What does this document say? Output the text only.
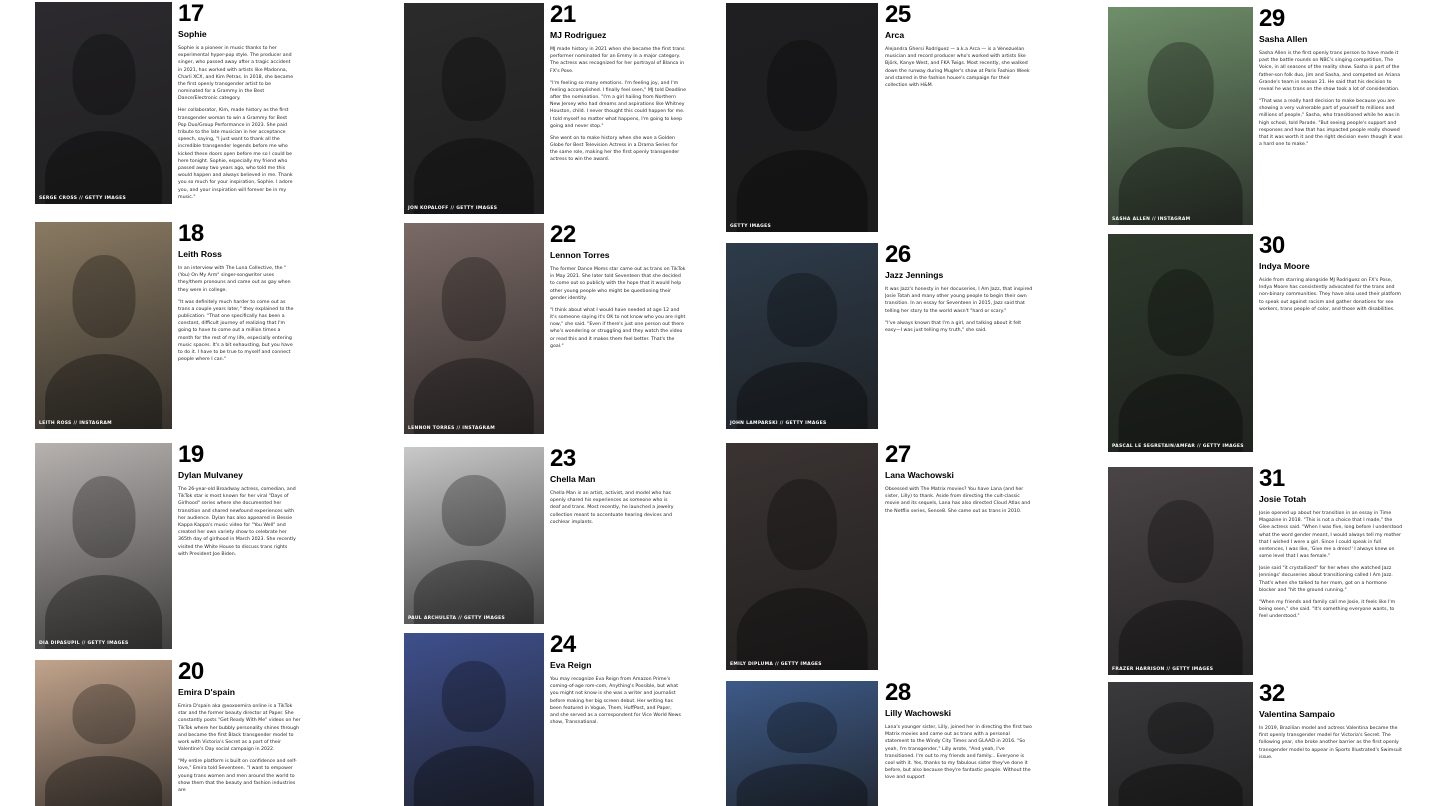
SERGE CROSS // GETTY IMAGES
17
Sophie

Sophie is a pioneer in music thanks to her experimental hyper-pop style. The producer and singer, who passed away after a tragic accident in 2021, has worked with artists like Madonna, Charli XCX, and Kim Petras. In 2018, she became the first openly transgender artist to be nominated for a Grammy in the Best Dance/Electronic category.

Her collaborator, Kim, made history as the first transgender woman to win a Grammy for Best Pop Duo/Group Performance in 2023. She paid tribute to the late musician in her acceptance speech, saying, "I just want to thank all the incredible transgender legends before me who kicked these doors open before me so I could be here tonight. Sophie, especially my friend who passed away two years ago, who told me this would happen and always believed in me. Thank you so much for your inspiration, Sophie. I adore you, and your inspiration will forever be in my music."

LEITH ROSS // INSTAGRAM
18
Leith Ross

In an interview with The Luna Collective, the "(You) On My Arm" singer-songwriter uses they/them pronouns and came out as gay when they were in college.

"It was definitely much harder to come out as trans a couple years later," they explained to the publication. "That one specifically has been a constant, difficult journey of realizing that I'm going to have to come out a million times a month for the rest of my life, especially entering music spaces. It's a bit exhausting, but you have to do it. I have to be true to myself and connect people where I can."

DIA DIPASUPIL // GETTY IMAGES
19
Dylan Mulvaney

The 26-year-old Broadway actress, comedian, and TikTok star is most known for her viral "Days of Girlhood" series where she documented her transition and shared newfound experiences with her audience. Dylan has also appeared in Bessie Kappa Kappa's music video for "You Well" and created her own variety show to celebrate her 365th day of girlhood in March 2023. She recently visited the White House to discuss trans rights with President Joe Biden.

20
Emira D'spain

Emira D'spain aka @xoxoemira online is a TikTok star and the former beauty director at Paper. She constantly posts "Get Ready With Me" videos on her TikTok where her bubbly personality shines through and became the first Black transgender model to work with Victoria's Secret as a part of their Valentine's Day social campaign in 2022.

"My entire platform is built on confidence and self-love," Emira told Seventeen. "I want to empower young trans women and men around the world to show them that the beauty and fashion industries are

JON KOPALOFF // GETTY IMAGES
21
MJ Rodriguez

MJ made history in 2021 when she became the first trans performer nominated for an Emmy in a major category. The actress was recognized for her portrayal of Blanca in FX's Pose.

"I'm feeling so many emotions. I'm feeling joy, and I'm feeling accomplished. I finally feel seen," MJ told Deadline after the nomination. "I'm a girl hailing from Northern New Jersey who had dreams and aspirations like Whitney Houston, child. I never thought this could happen for me. I told myself no matter what happens, I'm going to keep going and never stop."

She went on to make history when she won a Golden Globe for Best Television Actress in a Drama Series for the same role, making her the first openly transgender actress to win the award.

LENNON TORRES // INSTAGRAM
22
Lennon Torres

The former Dance Moms star came out as trans on TikTok in May 2021. She later told Seventeen that she decided to come out so publicly with the hope that it would help other young people who might be questioning their gender identity.

"I think about what I would have needed at age 12 and it's someone saying it's OK to not know who you are right now," she said. "Even if there's just one person out there who's wondering or struggling and they watch the video or read this and it makes them feel better. That's the goal."

PAUL ARCHULETA // GETTY IMAGES
23
Chella Man

Chella Man is an artist, activist, and model who has openly shared his experiences as someone who is deaf and trans. Most recently, he launched a jewelry collection meant to accentuate hearing devices and cochlear implants.

24
Eva Reign

You may recognize Eva Reign from Amazon Prime's coming-of-age rom-com, Anything's Possible, but what you might not know is she was a writer and journalist before making her big screen debut. Her writing has been featured in Vogue, Them, HuffPost, and Paper, and she served as a correspondent for Vice World News show, Transnational.

GETTY IMAGES
25
Arca

Alejandra Ghersi Rodríguez — a.k.a Arca — is a Venezuelan musician and record producer who's worked with artists like Björk, Kanye West, and FKA Twigs. Most recently, she walked down the runway during Mugler's show at Paris Fashion Week and starred in the fashion house's campaign for their collection with H&M.

JOHN LAMPARSKI // GETTY IMAGES
26
Jazz Jennings

It was Jazz's honesty in her docuseries, I Am Jazz, that inspired Josie Totah and many other young people to begin their own transition. In an essay for Seventeen in 2015, Jazz said that telling her story to the world wasn't "hard or scary."

"I've always known that I'm a girl, and talking about it felt easy—I was just telling my truth," she said.

EMILY DIPLUMA // GETTY IMAGES
27
Lana Wachowski

Obsessed with The Matrix movies? You have Lana (and her sister, Lilly) to thank. Aside from directing the cult-classic movie and its sequels, Lana has also directed Cloud Atlas and the Netflix series, Sense8. She came out as trans in 2010.

28
Lilly Wachowski

Lana's younger sister, Lilly, joined her in directing the first two Matrix movies and came out as trans with a personal statement to the Windy City Times and GLAAD in 2016. "So yeah, I'm transgender," Lilly wrote, "And yeah, I've transitioned. I'm out to my friends and family... Everyone is cool with it. Yes, thanks to my fabulous sister they've done it before, but also because they're fantastic people. Without the love and support

SASHA ALLEN // INSTAGRAM
29
Sasha Allen

Sasha Allen is the first openly trans person to have made it past the battle rounds on NBC's singing competition, The Voice, in all seasons of the reality show. Sasha is part of the father-son folk duo, Jim and Sasha, and competed on Ariana Grande's team in season 21. He said that his decision to reveal he was trans on the show took a lot of consideration.

"That was a really hard decision to make because you are showing a very vulnerable part of yourself to millions and millions of people," Sasha, who transitioned while he was in high school, told Parade. "But seeing people's support and responses and how that has impacted people really showed that it was worth it and the right decision even though it was a hard one to make."

PASCAL LE SEGRETAIN/AMFAR // GETTY IMAGES
30
Indya Moore

Aside from starring alongside MJ Rodriguez on FX's Pose, Indya Moore has consistently advocated for the trans and non-binary communities. They have also used their platform to speak out against racism and gather donations for sex workers, trans people of color, and those with disabilities.

FRAZER HARRISON // GETTY IMAGES
31
Josie Totah

Josie opened up about her transition in an essay in Time Magazine in 2018. "This is not a choice that I made," the Glee actress said. "When I was five, long before I understood what the word gender meant, I would always tell my mother that I wished I were a girl. Since I could speak in full sentences, I was like, 'Give me a dress!' I always knew on some level that I was female."

Josie said "it crystallized" for her when she watched Jazz Jennings' docuseries about transitioning called I Am Jazz. That's when she talked to her mom, got on a hormone blocker and "hit the ground running."

"When my friends and family call me Josie, it feels like I'm being seen," she said. "It's something everyone wants, to feel understood."

32
Valentina Sampaio

In 2019, Brazilian model and actress Valentina became the first openly transgender model for Victoria's Secret. The following year, she broke another barrier as the first openly transgender model to appear in Sports Illustrated's Swimsuit issue.
